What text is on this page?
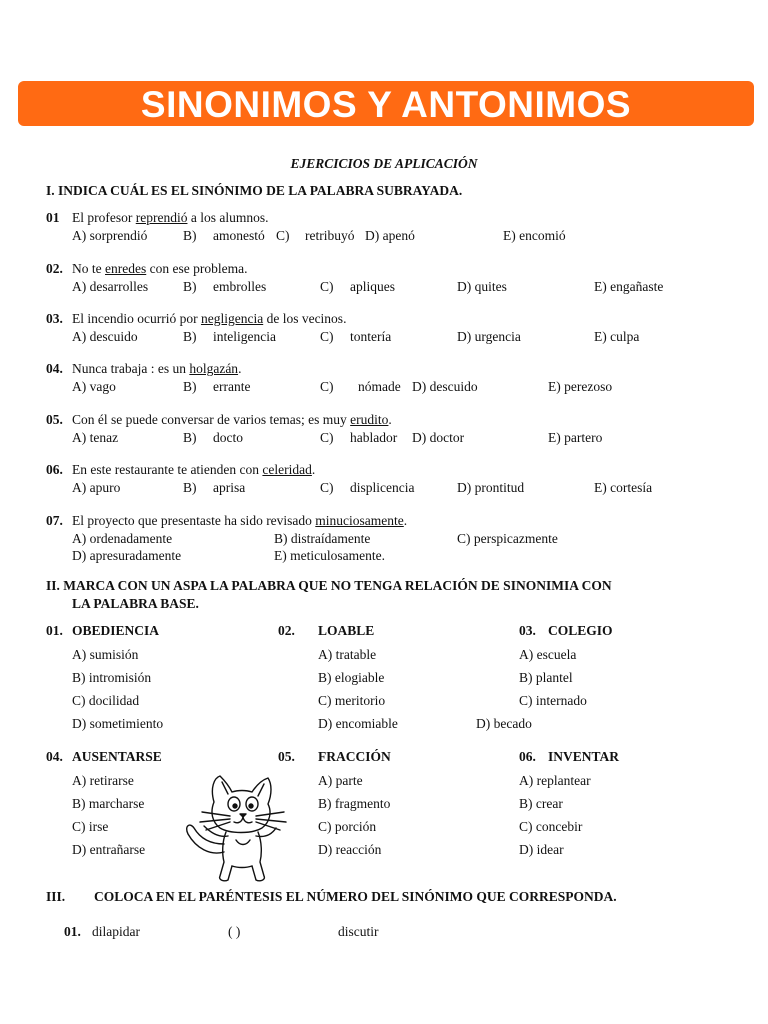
SINONIMOS Y ANTONIMOS
EJERCICIOS DE APLICACIÓN
I. INDICA CUÁL ES EL SINÓNIMO DE LA PALABRA SUBRAYADA.
01 El profesor reprendió a los alumnos.
A) sorprendió	B) amonestó C) retribuyó D) apenó	E) encomió
02. No te enredes con ese problema.
A) desarrolles	B) embrolles	C) apliques	D) quites	E) engañaste
03. El incendio ocurrió por negligencia de los vecinos.
A) descuido	B) inteligencia	C) tontería	D) urgencia	E) culpa
04. Nunca trabaja : es un holgazán.
A) vago	B) errante	C) nómade D) descuido	E) perezoso
05. Con él se puede conversar de varios temas; es muy erudito.
A) tenaz	B) docto	C) hablador D) doctor	E) partero
06. En este restaurante te atienden con celeridad.
A) apuro	B) aprisa	C) displicencia	D) prontitud	E) cortesía
07. El proyecto que presentaste ha sido revisado minuciosamente.
A) ordenadamente	B) distraídamente	C) perspicazmente
D) apresuradamente	E) meticulosamente.
II. MARCA CON UN ASPA LA PALABRA QUE NO TENGA RELACIÓN DE SINONIMIA CON
LA PALABRA BASE.
01. OBEDIENCIA
A) sumisión
B) intromisión
C) docilidad
D) sometimiento
02. LOABLE
A) tratable
B) elogiable
C) meritorio
D) encomiable
03. COLEGIO
A) escuela
B) plantel
C) internado
D) becado
04. AUSENTARSE
A) retirarse
B) marcharse
C) irse
D) entrañarse
05. FRACCIÓN
A) parte
B) fragmento
C) porción
D) reacción
06. INVENTAR
A) replantear
B) crear
C) concebir
D) idear
III. COLOCA EN EL PARÉNTESIS EL NÚMERO DEL SINÓNIMO QUE CORRESPONDA.
01. dilapidar	( )	discutir
